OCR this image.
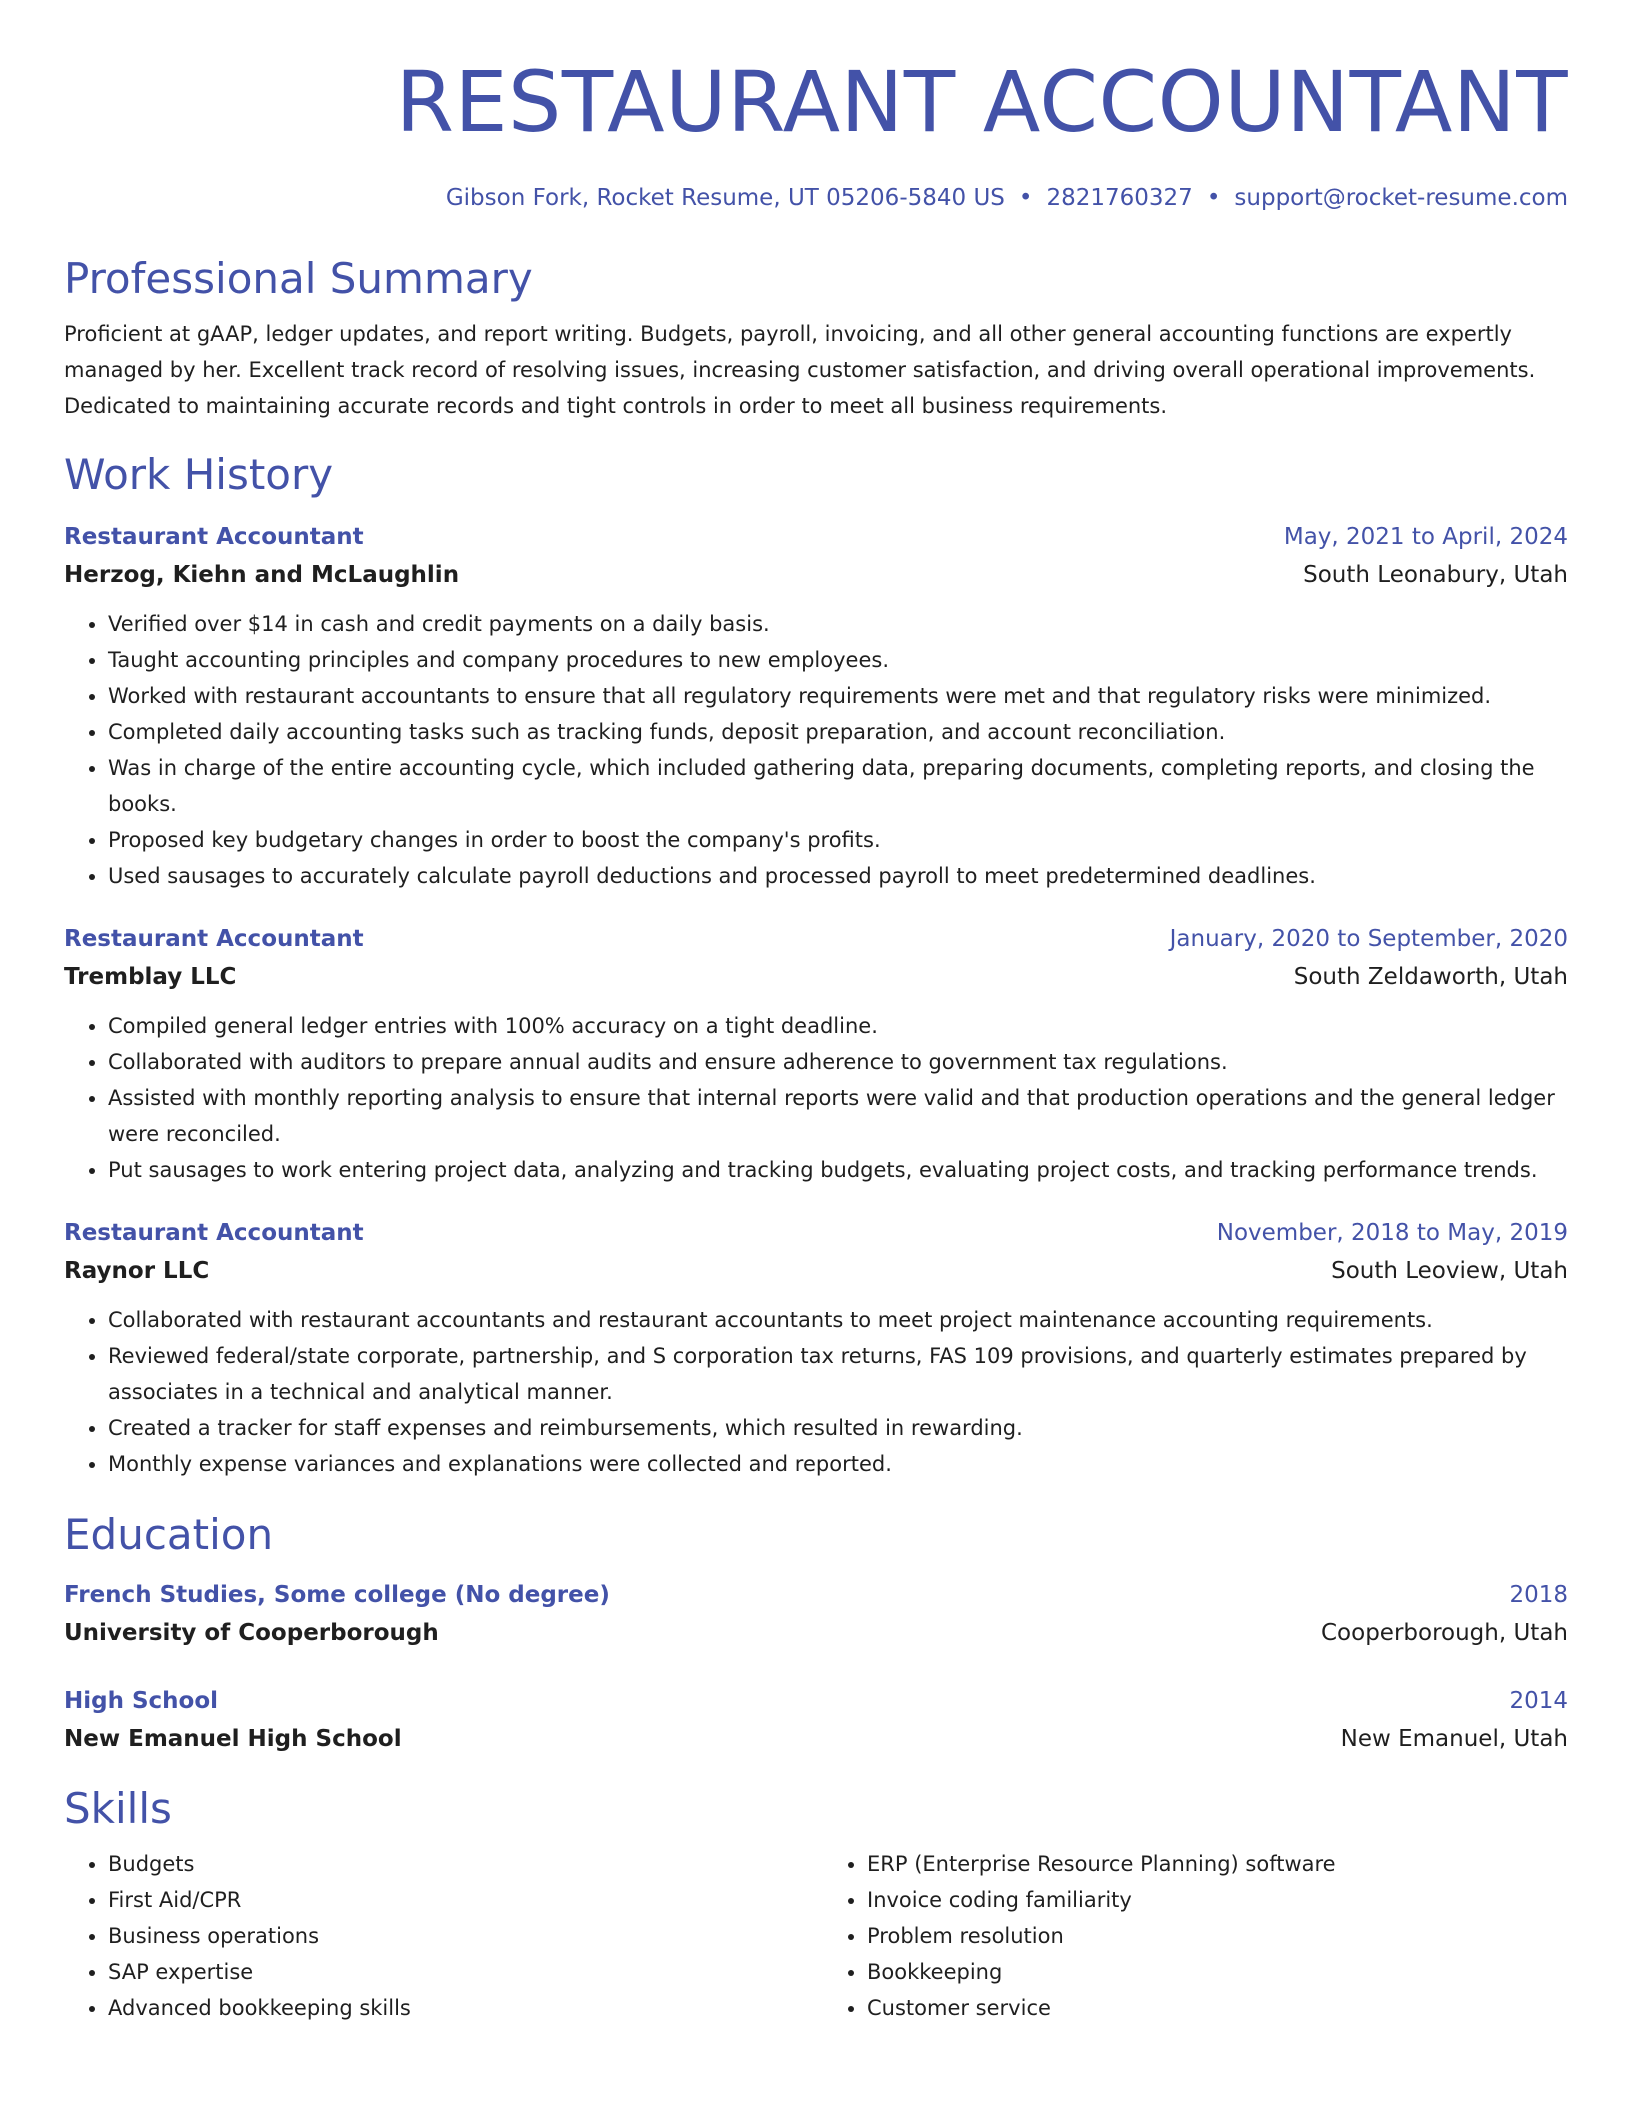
RESTAURANT ACCOUNTANT
Gibson Fork, Rocket Resume, UT 05206-5840 US • 2821760327 • support@rocket-resume.com
Professional Summary
Proficient at gAAP, ledger updates, and report writing. Budgets, payroll, invoicing, and all other general accounting functions are expertly managed by her. Excellent track record of resolving issues, increasing customer satisfaction, and driving overall operational improvements. Dedicated to maintaining accurate records and tight controls in order to meet all business requirements.
Work History
Restaurant Accountant	May, 2021 to April, 2024
Herzog, Kiehn and McLaughlin	South Leonabury, Utah
• Verified over $14 in cash and credit payments on a daily basis.
• Taught accounting principles and company procedures to new employees.
• Worked with restaurant accountants to ensure that all regulatory requirements were met and that regulatory risks were minimized.
• Completed daily accounting tasks such as tracking funds, deposit preparation, and account reconciliation.
• Was in charge of the entire accounting cycle, which included gathering data, preparing documents, completing reports, and closing the books.
• Proposed key budgetary changes in order to boost the company's profits.
• Used sausages to accurately calculate payroll deductions and processed payroll to meet predetermined deadlines.
Restaurant Accountant	January, 2020 to September, 2020
Tremblay LLC	South Zeldaworth, Utah
• Compiled general ledger entries with 100% accuracy on a tight deadline.
• Collaborated with auditors to prepare annual audits and ensure adherence to government tax regulations.
• Assisted with monthly reporting analysis to ensure that internal reports were valid and that production operations and the general ledger were reconciled.
• Put sausages to work entering project data, analyzing and tracking budgets, evaluating project costs, and tracking performance trends.
Restaurant Accountant	November, 2018 to May, 2019
Raynor LLC	South Leoview, Utah
• Collaborated with restaurant accountants and restaurant accountants to meet project maintenance accounting requirements.
• Reviewed federal/state corporate, partnership, and S corporation tax returns, FAS 109 provisions, and quarterly estimates prepared by associates in a technical and analytical manner.
• Created a tracker for staff expenses and reimbursements, which resulted in rewarding.
• Monthly expense variances and explanations were collected and reported.
Education
French Studies, Some college (No degree)	2018
University of Cooperborough	Cooperborough, Utah
High School	2014
New Emanuel High School	New Emanuel, Utah
Skills
• Budgets
• First Aid/CPR
• Business operations
• SAP expertise
• Advanced bookkeeping skills
• ERP (Enterprise Resource Planning) software
• Invoice coding familiarity
• Problem resolution
• Bookkeeping
• Customer service
